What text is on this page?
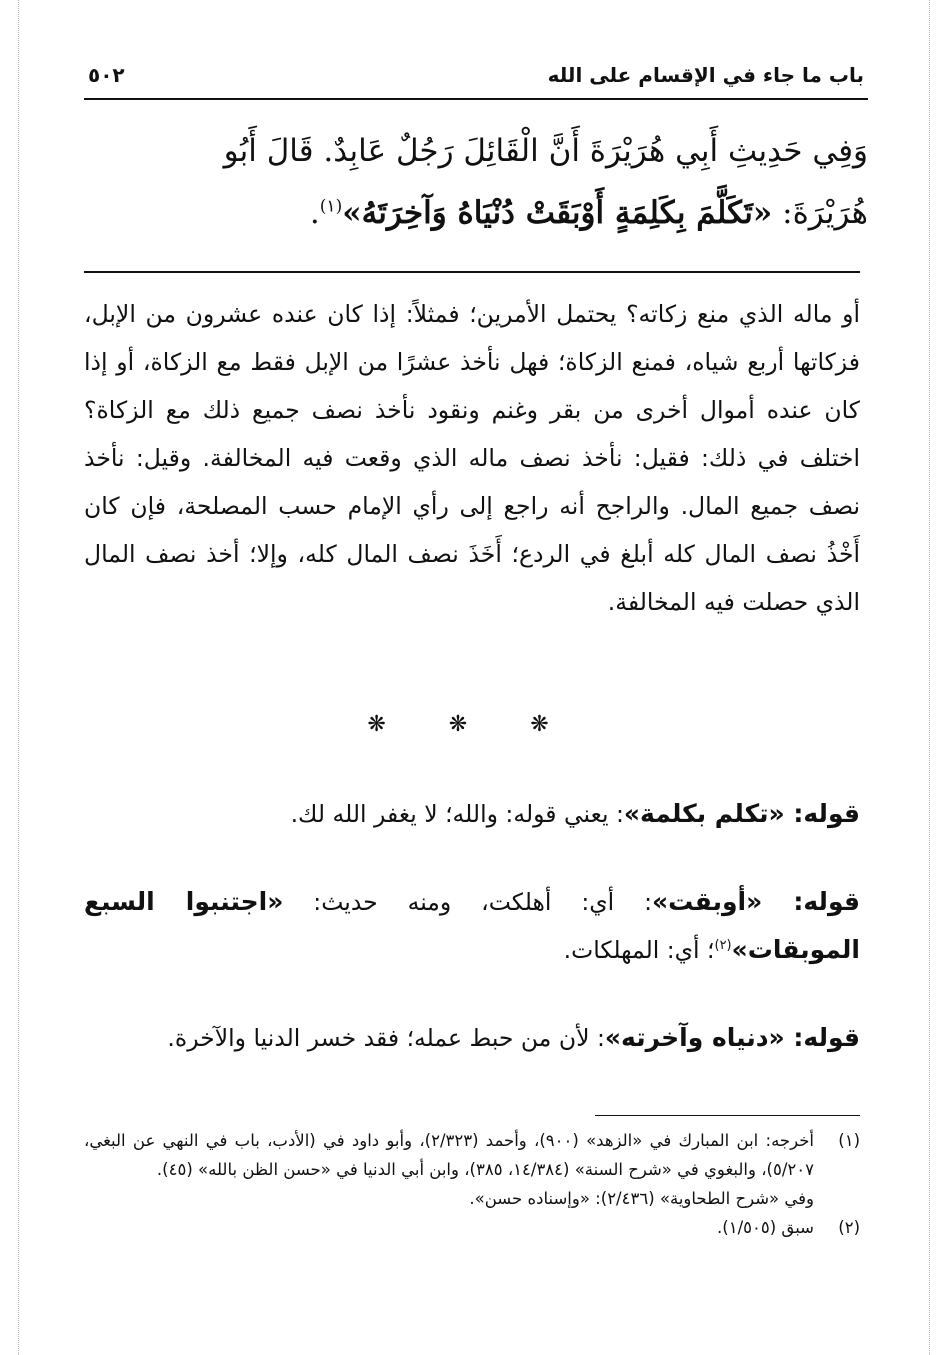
باب ما جاء في الإقسام على الله
٥٠٢
وَفِي حَدِيثِ أَبِي هُرَيْرَةَ أَنَّ الْقَائِلَ رَجُلٌ عَابِدٌ. قَالَ أَبُو
هُرَيْرَةَ: «تَكَلَّمَ بِكَلِمَةٍ أَوْبَقَتْ دُنْيَاهُ وَآخِرَتَهُ»$^{(١)}$.
أو ماله الذي منع زكاته؟ يحتمل الأمرين؛ فمثلاً: إذا كان عنده عشرون من الإبل، فزكاتها أربع شياه، فمنع الزكاة؛ فهل نأخذ عشرًا من الإبل فقط مع الزكاة، أو إذا كان عنده أموال أخرى من بقر وغنم ونقود نأخذ نصف جميع ذلك مع الزكاة؟ اختلف في ذلك: فقيل: نأخذ نصف ماله الذي وقعت فيه المخالفة. وقيل: نأخذ نصف جميع المال. والراجح أنه راجع إلى رأي الإمام حسب المصلحة، فإن كان أَخْذُ نصف المال كله أبلغ في الردع؛ أَخَذَ نصف المال كله، وإلا؛ أخذ نصف المال الذي حصلت فيه المخالفة.
❋ ❋ ❋

قوله: «تكلم بكلمة»: يعني قوله: والله؛ لا يغفر الله لك.

قوله: «أوبقت»: أي: أهلكت، ومنه حديث: «اجتنبوا السبع الموبقات»$^{(٢)}$؛ أي: المهلكات.

قوله: «دنياه وآخرته»: لأن من حبط عمله؛ فقد خسر الدنيا والآخرة.

(١)
أخرجه: ابن المبارك في «الزهد» (٩٠٠)، وأحمد (٢/٣٢٣)، وأبو داود في (الأدب، باب في النهي عن البغي، ٥/٢٠٧)، والبغوي في «شرح السنة» (١٤/٣٨٤، ٣٨٥)، وابن أبي الدنيا في «حسن الظن بالله» (٤٥).
وفي «شرح الطحاوية» (٢/٤٣٦): «وإسناده حسن».
(٢)
سبق (١/٥٠٥).
